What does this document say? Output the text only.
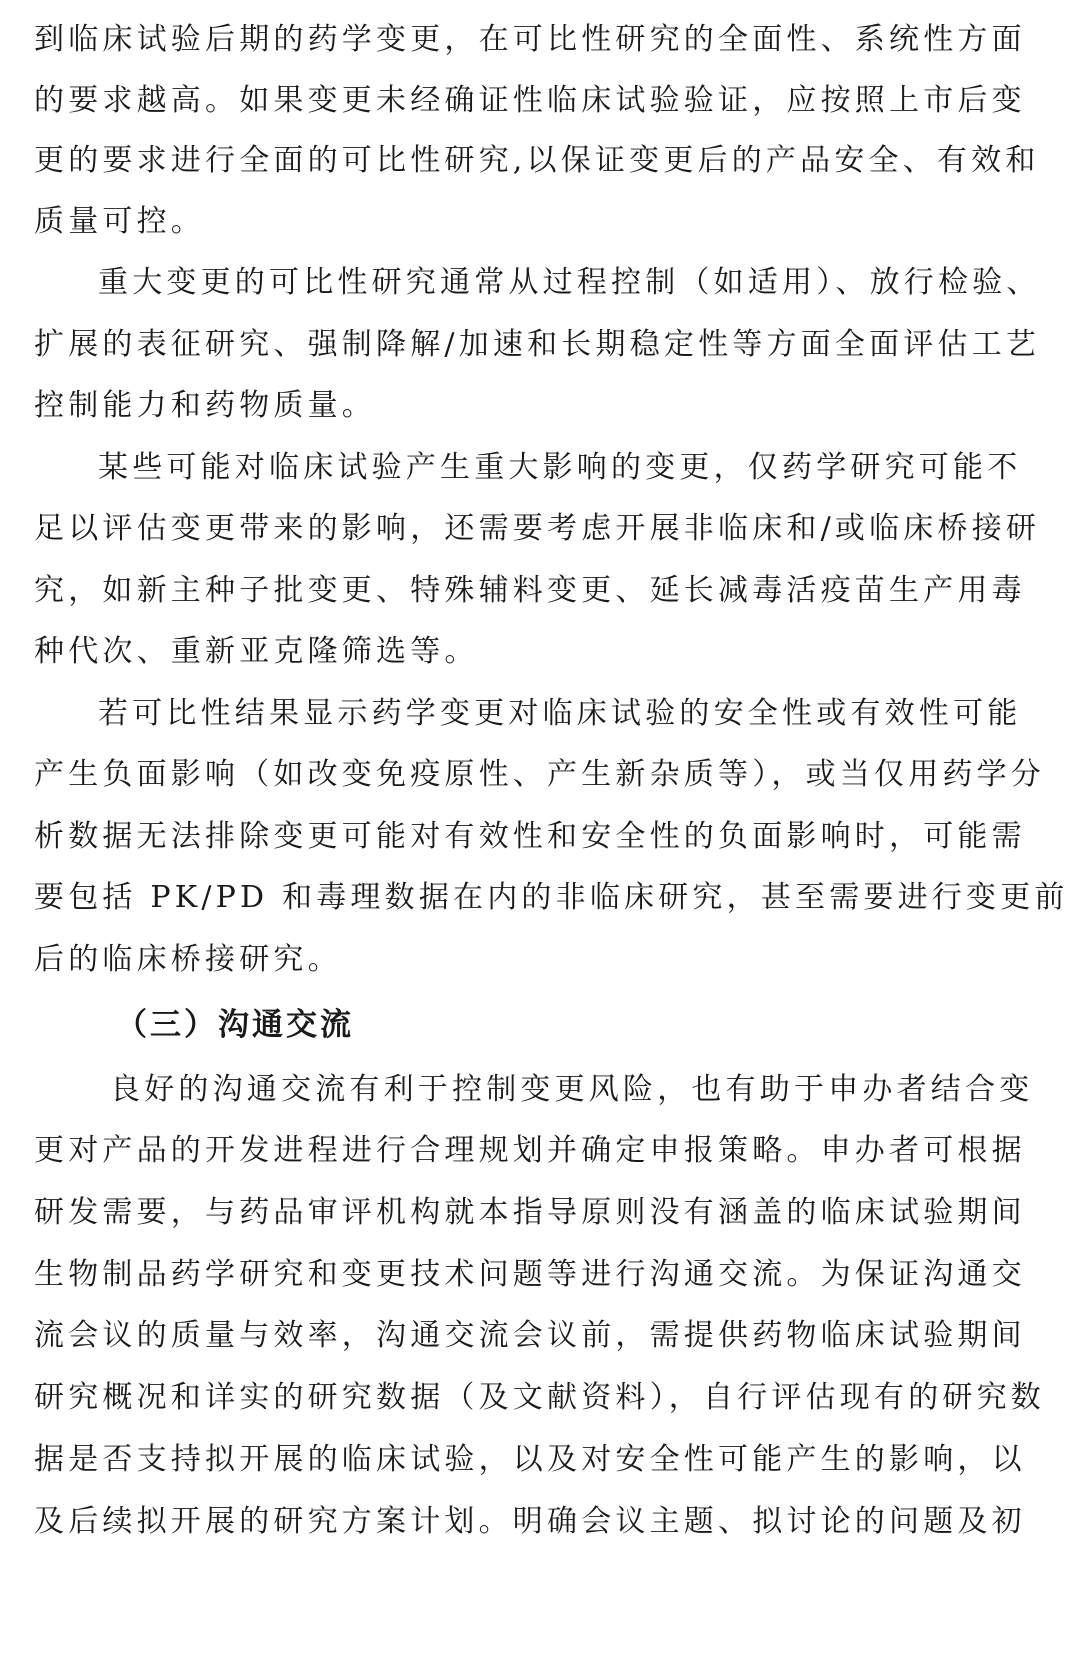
到临床试验后期的药学变更，在可比性研究的全面性、系统性方面
的要求越高。如果变更未经确证性临床试验验证，应按照上市后变
更的要求进行全面的可比性研究,以保证变更后的产品安全、有效和
质量可控。
重大变更的可比性研究通常从过程控制（如适用）、放行检验、
扩展的表征研究、强制降解/加速和长期稳定性等方面全面评估工艺
控制能力和药物质量。
某些可能对临床试验产生重大影响的变更，仅药学研究可能不
足以评估变更带来的影响，还需要考虑开展非临床和/或临床桥接研
究，如新主种子批变更、特殊辅料变更、延长减毒活疫苗生产用毒
种代次、重新亚克隆筛选等。
若可比性结果显示药学变更对临床试验的安全性或有效性可能
产生负面影响（如改变免疫原性、产生新杂质等），或当仅用药学分
析数据无法排除变更可能对有效性和安全性的负面影响时，可能需
要包括 PK/PD 和毒理数据在内的非临床研究，甚至需要进行变更前
后的临床桥接研究。
（三）沟通交流
良好的沟通交流有利于控制变更风险，也有助于申办者结合变
更对产品的开发进程进行合理规划并确定申报策略。申办者可根据
研发需要，与药品审评机构就本指导原则没有涵盖的临床试验期间
生物制品药学研究和变更技术问题等进行沟通交流。为保证沟通交
流会议的质量与效率，沟通交流会议前，需提供药物临床试验期间
研究概况和详实的研究数据（及文献资料），自行评估现有的研究数
据是否支持拟开展的临床试验，以及对安全性可能产生的影响，以
及后续拟开展的研究方案计划。明确会议主题、拟讨论的问题及初
